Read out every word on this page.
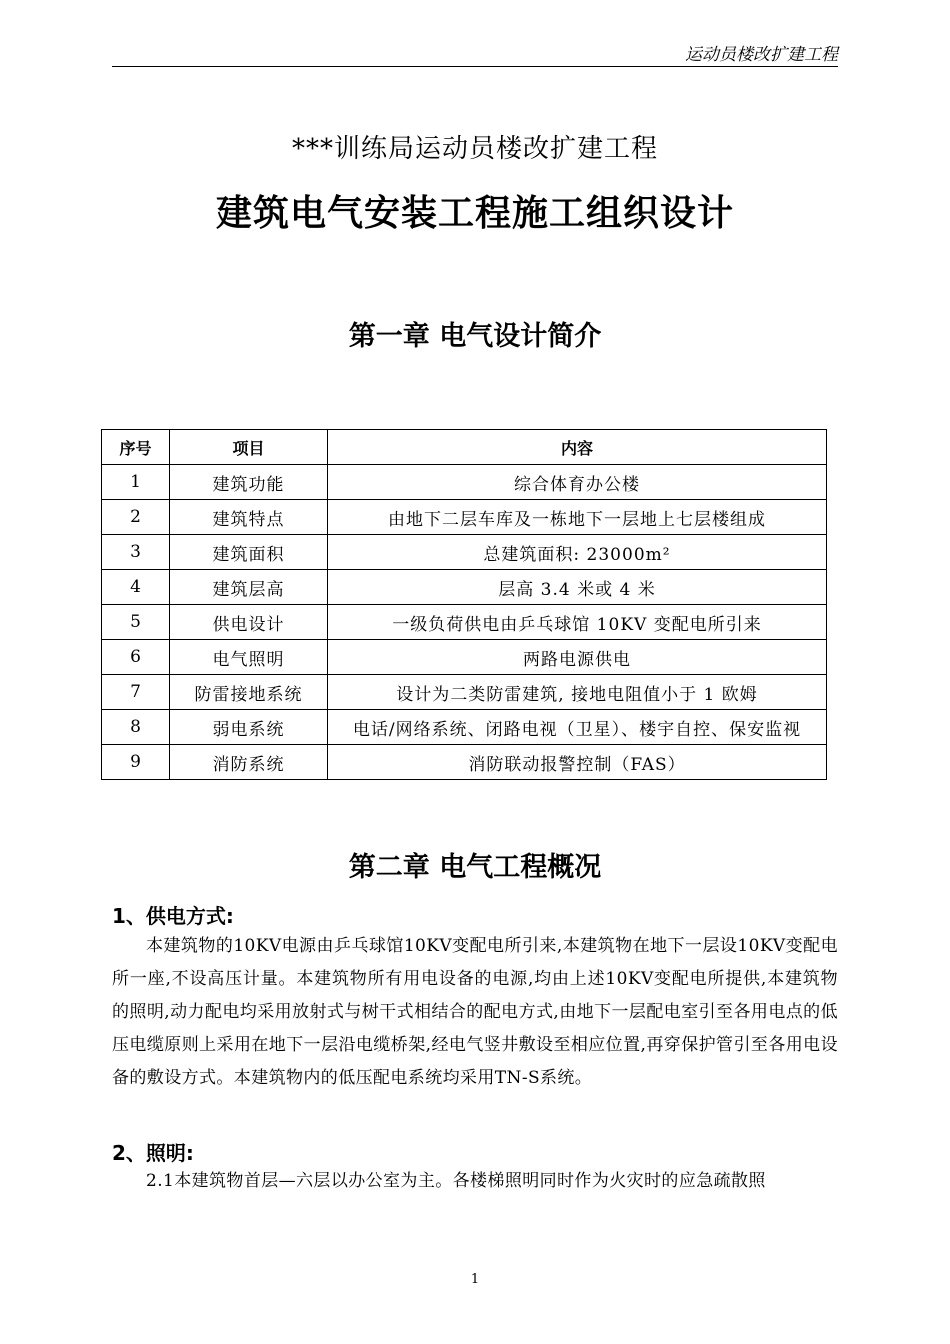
运动员楼改扩建工程
***训练局运动员楼改扩建工程
建筑电气安装工程施工组织设计
第一章 电气设计简介
序号	项目	内容
1	建筑功能	综合体育办公楼
2	建筑特点	由地下二层车库及一栋地下一层地上七层楼组成
3	建筑面积	总建筑面积: 23000m²
4	建筑层高	层高 3.4 米或 4 米
5	供电设计	一级负荷供电由乒乓球馆 10KV 变配电所引来
6	电气照明	两路电源供电
7	防雷接地系统	设计为二类防雷建筑, 接地电阻值小于 1 欧姆
8	弱电系统	电话/网络系统、闭路电视（卫星）、楼宇自控、保安监视
9	消防系统	消防联动报警控制（FAS）
第二章 电气工程概况
1、供电方式:
本建筑物的10KV电源由乒乓球馆10KV变配电所引来,本建筑物在地下一层设10KV变配电所一座,不设高压计量。本建筑物所有用电设备的电源,均由上述10KV变配电所提供,本建筑物的照明,动力配电均采用放射式与树干式相结合的配电方式,由地下一层配电室引至各用电点的低压电缆原则上采用在地下一层沿电缆桥架,经电气竖井敷设至相应位置,再穿保护管引至各用电设备的敷设方式。本建筑物内的低压配电系统均采用TN-S系统。
2、照明:
2.1本建筑物首层—六层以办公室为主。各楼梯照明同时作为火灾时的应急疏散照
1
